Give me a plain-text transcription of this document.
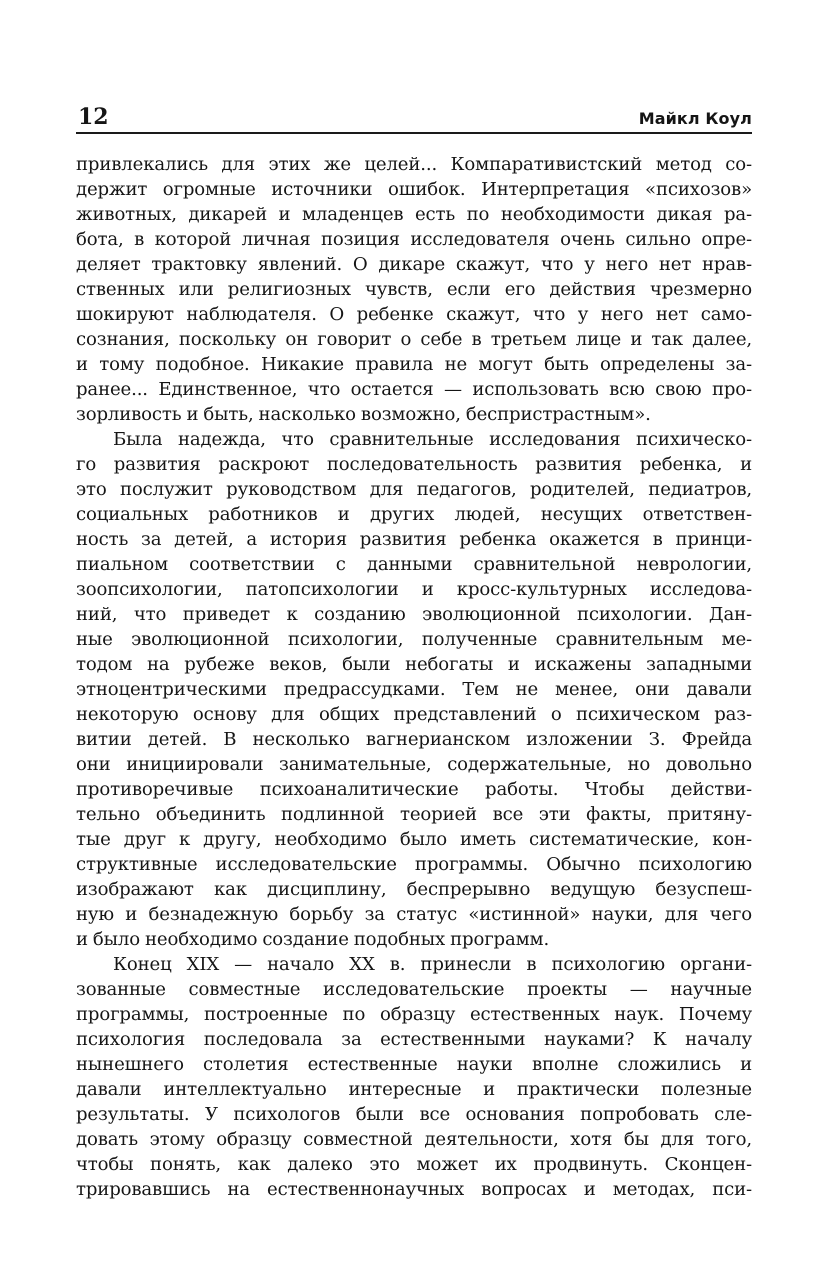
12	Майкл Коул
привлекались для этих же целей... Компаративистский метод со-
держит огромные источники ошибок. Интерпретация «психозов»
животных, дикарей и младенцев есть по необходимости дикая ра-
бота, в которой личная позиция исследователя очень сильно опре-
деляет трактовку явлений. О дикаре скажут, что у него нет нрав-
ственных или религиозных чувств, если его действия чрезмерно
шокируют наблюдателя. О ребенке скажут, что у него нет само-
сознания, поскольку он говорит о себе в третьем лице и так далее,
и тому подобное. Никакие правила не могут быть определены за-
ранее... Единственное, что остается — использовать всю свою про-
зорливость и быть, насколько возможно, беспристрастным».
Была надежда, что сравнительные исследования психическо-
го развития раскроют последовательность развития ребенка, и
это послужит руководством для педагогов, родителей, педиатров,
социальных работников и других людей, несущих ответствен-
ность за детей, а история развития ребенка окажется в принци-
пиальном соответствии с данными сравнительной неврологии,
зоопсихологии, патопсихологии и кросс-культурных исследова-
ний, что приведет к созданию эволюционной психологии. Дан-
ные эволюционной психологии, полученные сравнительным ме-
тодом на рубеже веков, были небогаты и искажены западными
этноцентрическими предрассудками. Тем не менее, они давали
некоторую основу для общих представлений о психическом раз-
витии детей. В несколько вагнерианском изложении З. Фрейда
они инициировали занимательные, содержательные, но довольно
противоречивые психоаналитические работы. Чтобы действи-
тельно объединить подлинной теорией все эти факты, притяну-
тые друг к другу, необходимо было иметь систематические, кон-
структивные исследовательские программы. Обычно психологию
изображают как дисциплину, беспрерывно ведущую безуспеш-
ную и безнадежную борьбу за статус «истинной» науки, для чего
и было необходимо создание подобных программ.
Конец XIX — начало XX в. принесли в психологию органи-
зованные совместные исследовательские проекты — научные
программы, построенные по образцу естественных наук. Почему
психология последовала за естественными науками? К началу
нынешнего столетия естественные науки вполне сложились и
давали интеллектуально интересные и практически полезные
результаты. У психологов были все основания попробовать сле-
довать этому образцу совместной деятельности, хотя бы для того,
чтобы понять, как далеко это может их продвинуть. Сконцен-
трировавшись на естественнонаучных вопросах и методах, пси-
